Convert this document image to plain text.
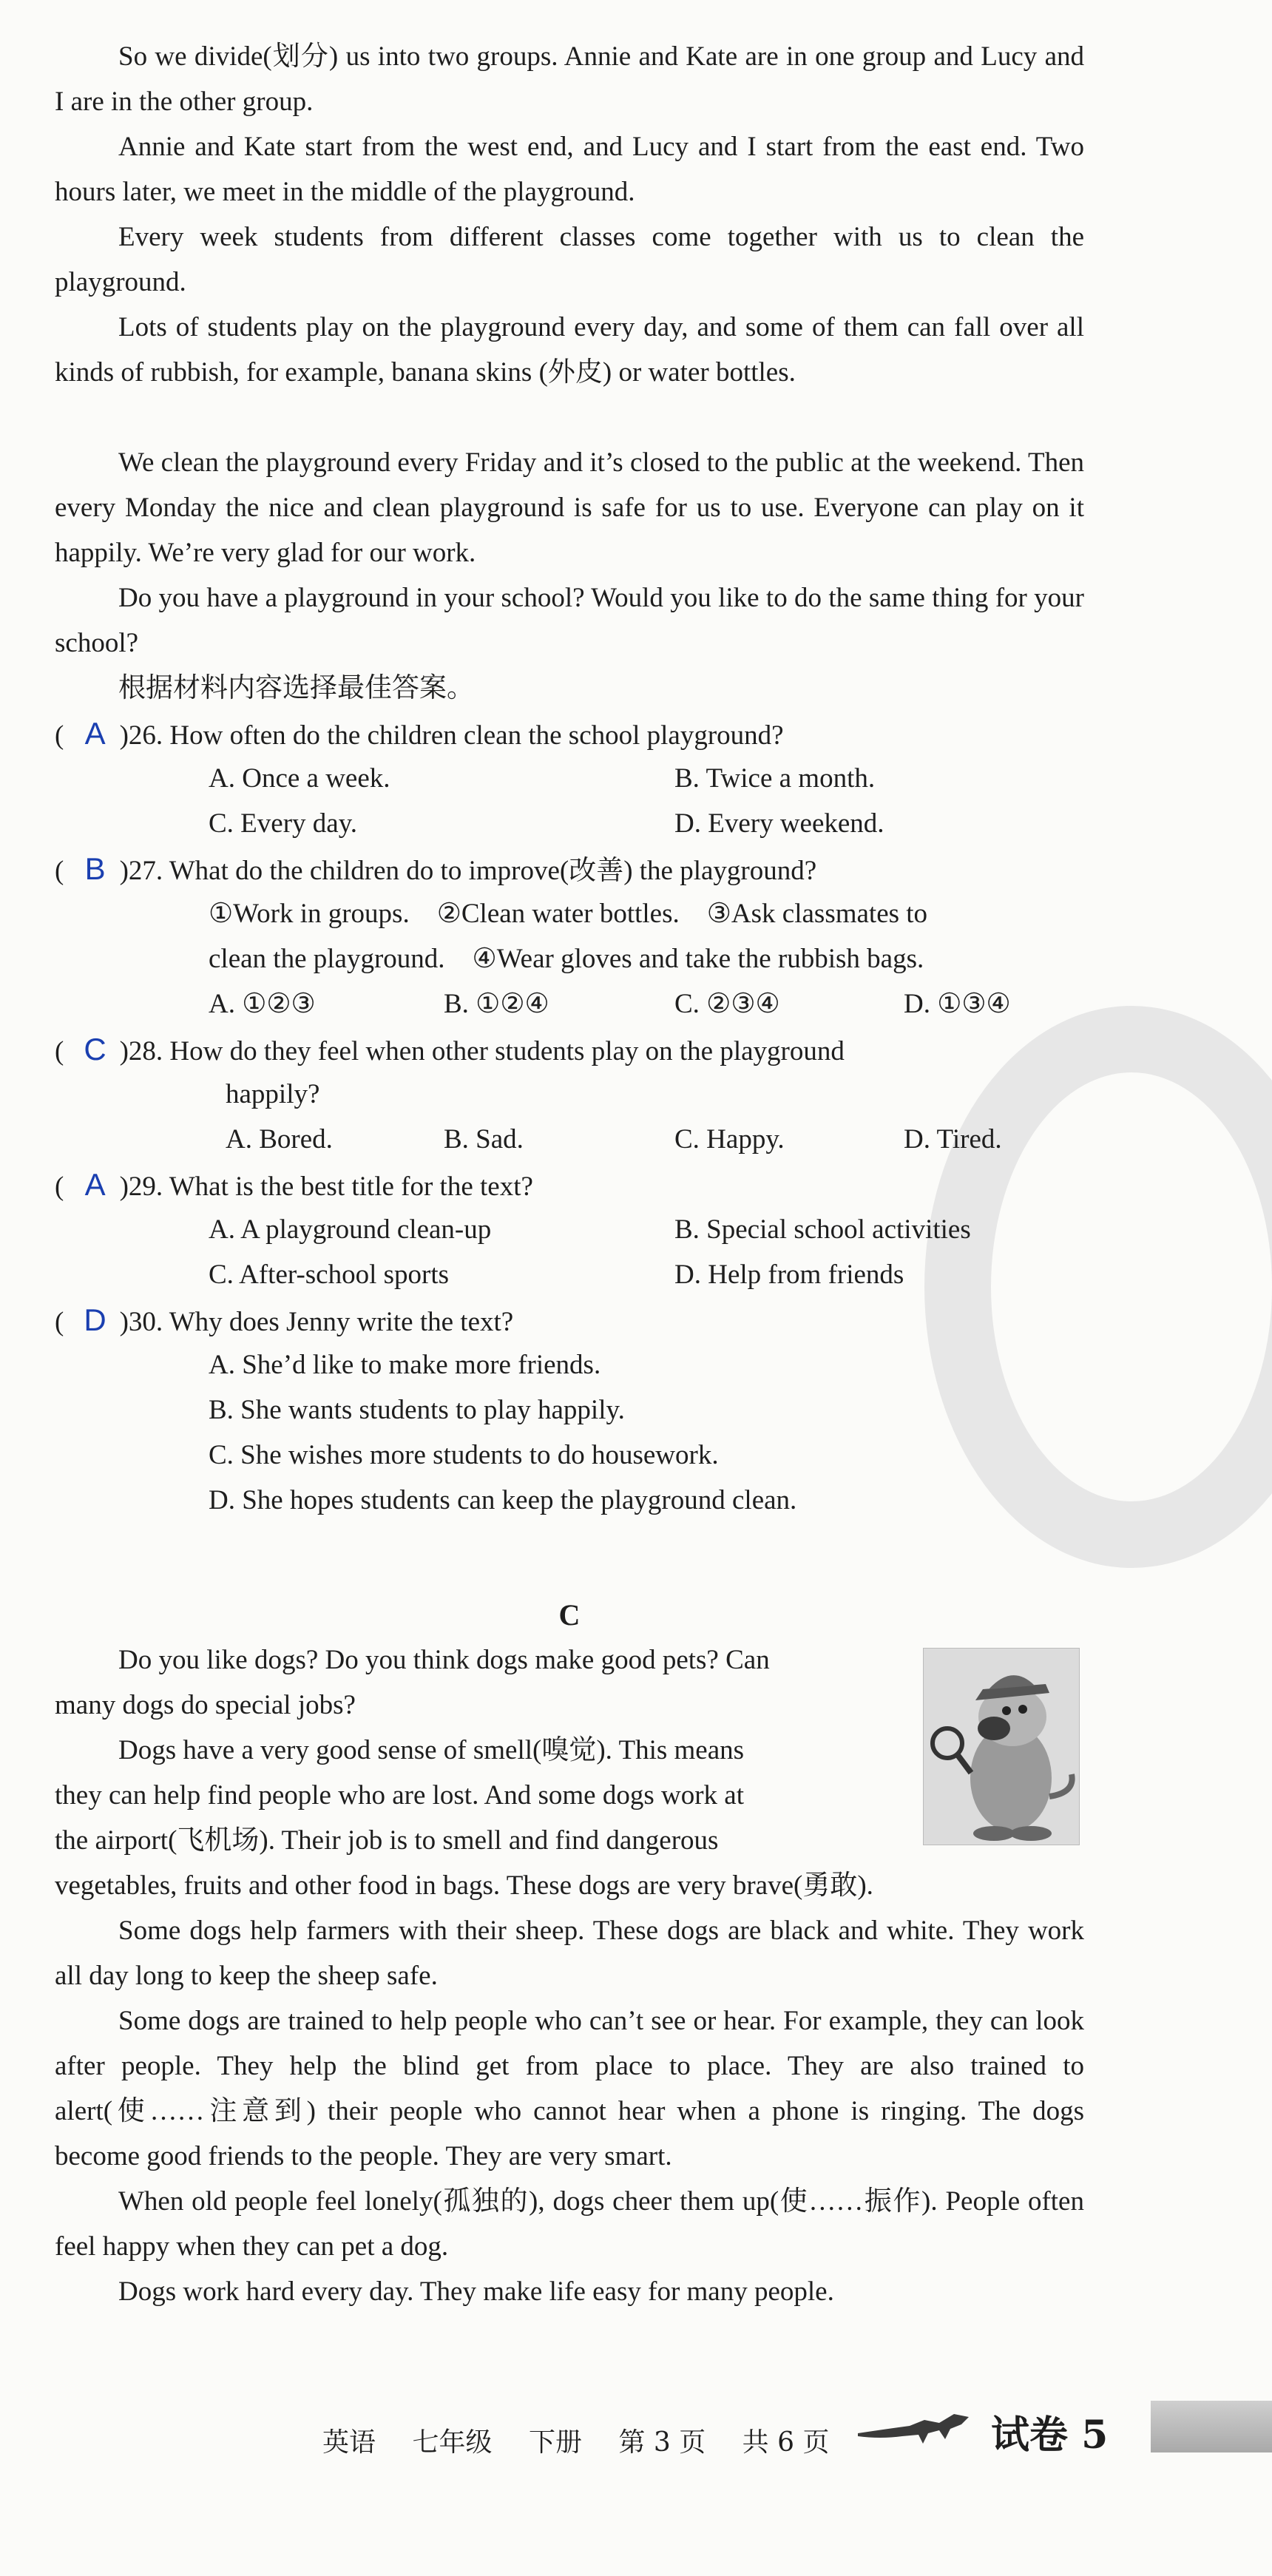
So we divide(划分) us into two groups. Annie and Kate are in one group and Lucy and I are in the other group.

Annie and Kate start from the west end, and Lucy and I start from the east end. Two hours later, we meet in the middle of the playground.

Every week students from different classes come together with us to clean the playground.

Lots of students play on the playground every day, and some of them can fall over all kinds of rubbish, for example, banana skins (外皮) or water bottles.

We clean the playground every Friday and it’s closed to the public at the weekend. Then every Monday the nice and clean playground is safe for us to use. Everyone can play on it happily. We’re very glad for our work.

Do you have a playground in your school? Would you like to do the same thing for your school?

根据材料内容选择最佳答案。
( A )26. How often do the children clean the school playground?
A. Once a week.	B. Twice a month.
C. Every day.	D. Every weekend.
( B )27. What do the children do to improve(改善) the playground?
①Work in groups.    ②Clean water bottles.    ③Ask classmates to
clean the playground.    ④Wear gloves and take the rubbish bags.
A. ①②③	B. ①②④	C. ②③④	D. ①③④
( C )28. How do they feel when other students play on the playground
happily?
A. Bored.	B. Sad.	C. Happy.	D. Tired.
( A )29. What is the best title for the text?
A. A playground clean-up	B. Special school activities
C. After-school sports	D. Help from friends
( D )30. Why does Jenny write the text?
A. She’d like to make more friends.
B. She wants students to play happily.
C. She wishes more students to do housework.
D. She hopes students can keep the playground clean.
C
Do you like dogs? Do you think dogs make good pets? Can
many dogs do special jobs?
Dogs have a very good sense of smell(嗅觉). This means
they can help find people who are lost. And some dogs work at
the airport(飞机场). Their job is to smell and find dangerous
vegetables, fruits and other food in bags. These dogs are very brave(勇敢).

Some dogs help farmers with their sheep. These dogs are black and white. They work all day long to keep the sheep safe.

Some dogs are trained to help people who can’t see or hear. For example, they can look after people. They help the blind get from place to place. They are also trained to alert(使……注意到) their people who cannot hear when a phone is ringing. The dogs become good friends to the people. They are very smart.

When old people feel lonely(孤独的), dogs cheer them up(使……振作). People often feel happy when they can pet a dog.

Dogs work hard every day. They make life easy for many people.

英语 七年级 下册 第 3 页 共 6 页	试卷 5
